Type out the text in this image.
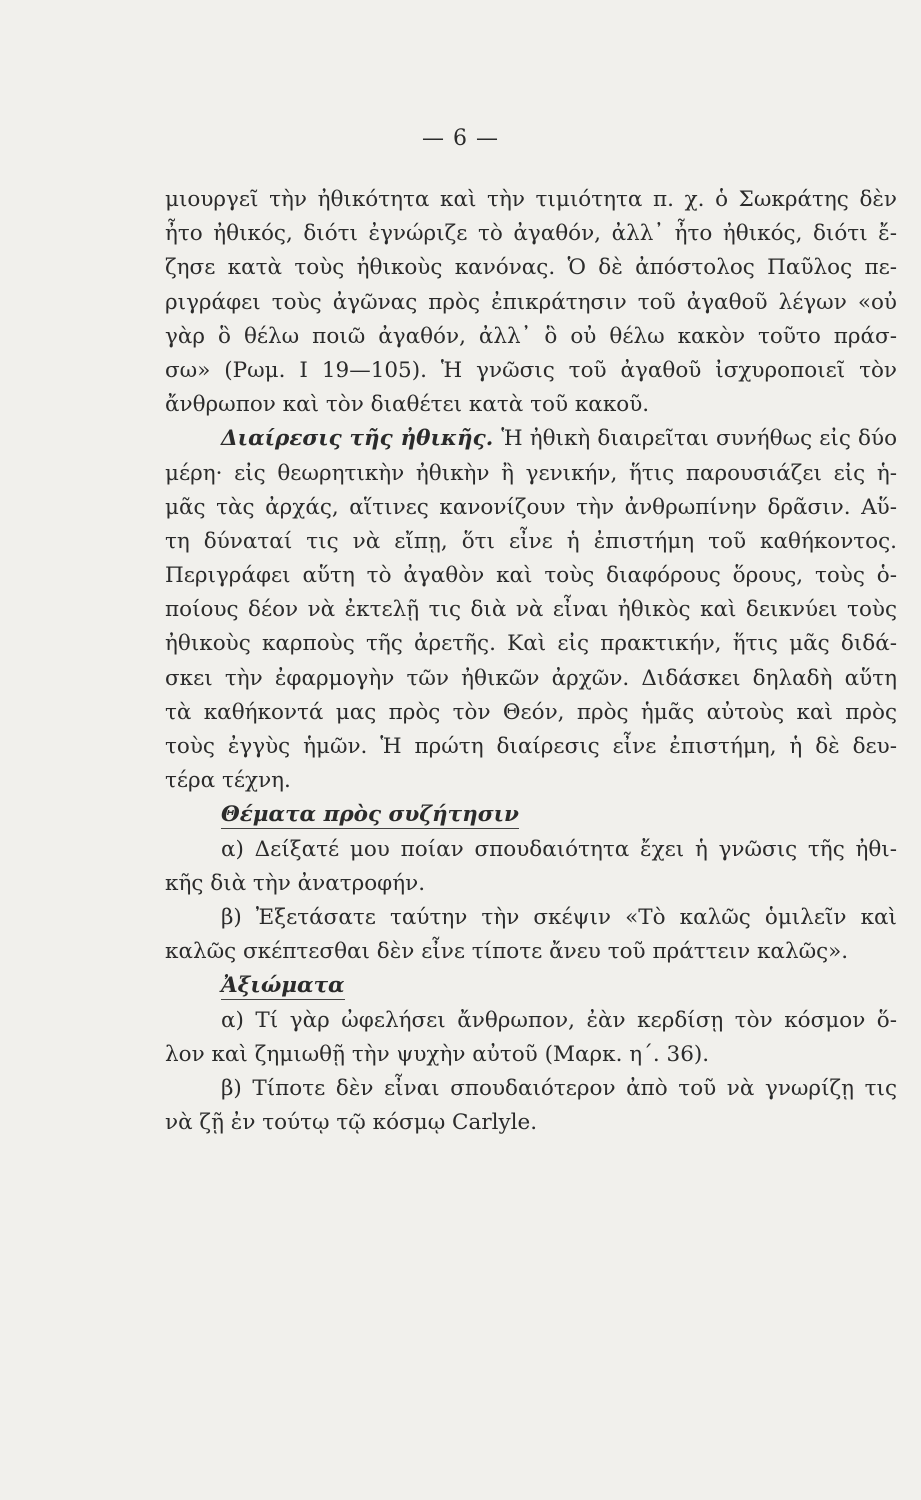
— 6 —
μιουργεῖ τὴν ἠθικότητα καὶ τὴν τιμιότητα π. χ. ὁ Σωκράτης δὲν
ἦτο ἠθικός, διότι ἐγνώριζε τὸ ἀγαθόν, ἀλλ᾽ ἦτο ἠθικός, διότι ἔ-
ζησε κατὰ τοὺς ἠθικοὺς κανόνας. Ὁ δὲ ἀπόστολος Παῦλος πε-
ριγράφει τοὺς ἀγῶνας πρὸς ἐπικράτησιν τοῦ ἀγαθοῦ λέγων «οὐ
γὰρ ὃ θέλω ποιῶ ἀγαθόν, ἀλλ᾽ ὃ οὐ θέλω κακὸν τοῦτο πράσ-
σω» (Ρωμ. Ι 19—105). Ἡ γνῶσις τοῦ ἀγαθοῦ ἰσχυροποιεῖ τὸν
ἄνθρωπον καὶ τὸν διαθέτει κατὰ τοῦ κακοῦ.
Διαίρεσις τῆς ἠθικῆς. Ἡ ἠθικὴ διαιρεῖται συνήθως εἰς δύο
μέρη· εἰς θεωρητικὴν ἠθικὴν ἢ γενικήν, ἥτις παρουσιάζει εἰς ἡ-
μᾶς τὰς ἀρχάς, αἵτινες κανονίζουν τὴν ἀνθρωπίνην δρᾶσιν. Αὕ-
τη δύναταί τις νὰ εἴπῃ, ὅτι εἶνε ἡ ἐπιστήμη τοῦ καθήκοντος.
Περιγράφει αὕτη τὸ ἀγαθὸν καὶ τοὺς διαφόρους ὅρους, τοὺς ὁ-
ποίους δέον νὰ ἐκτελῇ τις διὰ νὰ εἶναι ἠθικὸς καὶ δεικνύει τοὺς
ἠθικοὺς καρποὺς τῆς ἀρετῆς. Καὶ εἰς πρακτικήν, ἥτις μᾶς διδά-
σκει τὴν ἐφαρμογὴν τῶν ἠθικῶν ἀρχῶν. Διδάσκει δηλαδὴ αὕτη
τὰ καθήκοντά μας πρὸς τὸν Θεόν, πρὸς ἡμᾶς αὐτοὺς καὶ πρὸς
τοὺς ἐγγὺς ἡμῶν. Ἡ πρώτη διαίρεσις εἶνε ἐπιστήμη, ἡ δὲ δευ-
τέρα τέχνη.
Θέματα πρὸς συζήτησιν
α) Δείξατέ μου ποίαν σπουδαιότητα ἔχει ἡ γνῶσις τῆς ἠθι-
κῆς διὰ τὴν ἀνατροφήν.
β) Ἐξετάσατε ταύτην τὴν σκέψιν «Τὸ καλῶς ὁμιλεῖν καὶ
καλῶς σκέπτεσθαι δὲν εἶνε τίποτε ἄνευ τοῦ πράττειν καλῶς».
Ἀξιώματα
α) Τί γὰρ ὠφελήσει ἄνθρωπον, ἐὰν κερδίσῃ τὸν κόσμον ὅ-
λον καὶ ζημιωθῇ τὴν ψυχὴν αὐτοῦ (Μαρκ. η΄. 36).
β) Τίποτε δὲν εἶναι σπουδαιότερον ἀπὸ τοῦ νὰ γνωρίζῃ τις
νὰ ζῇ ἐν τούτῳ τῷ κόσμῳ Carlyle.
